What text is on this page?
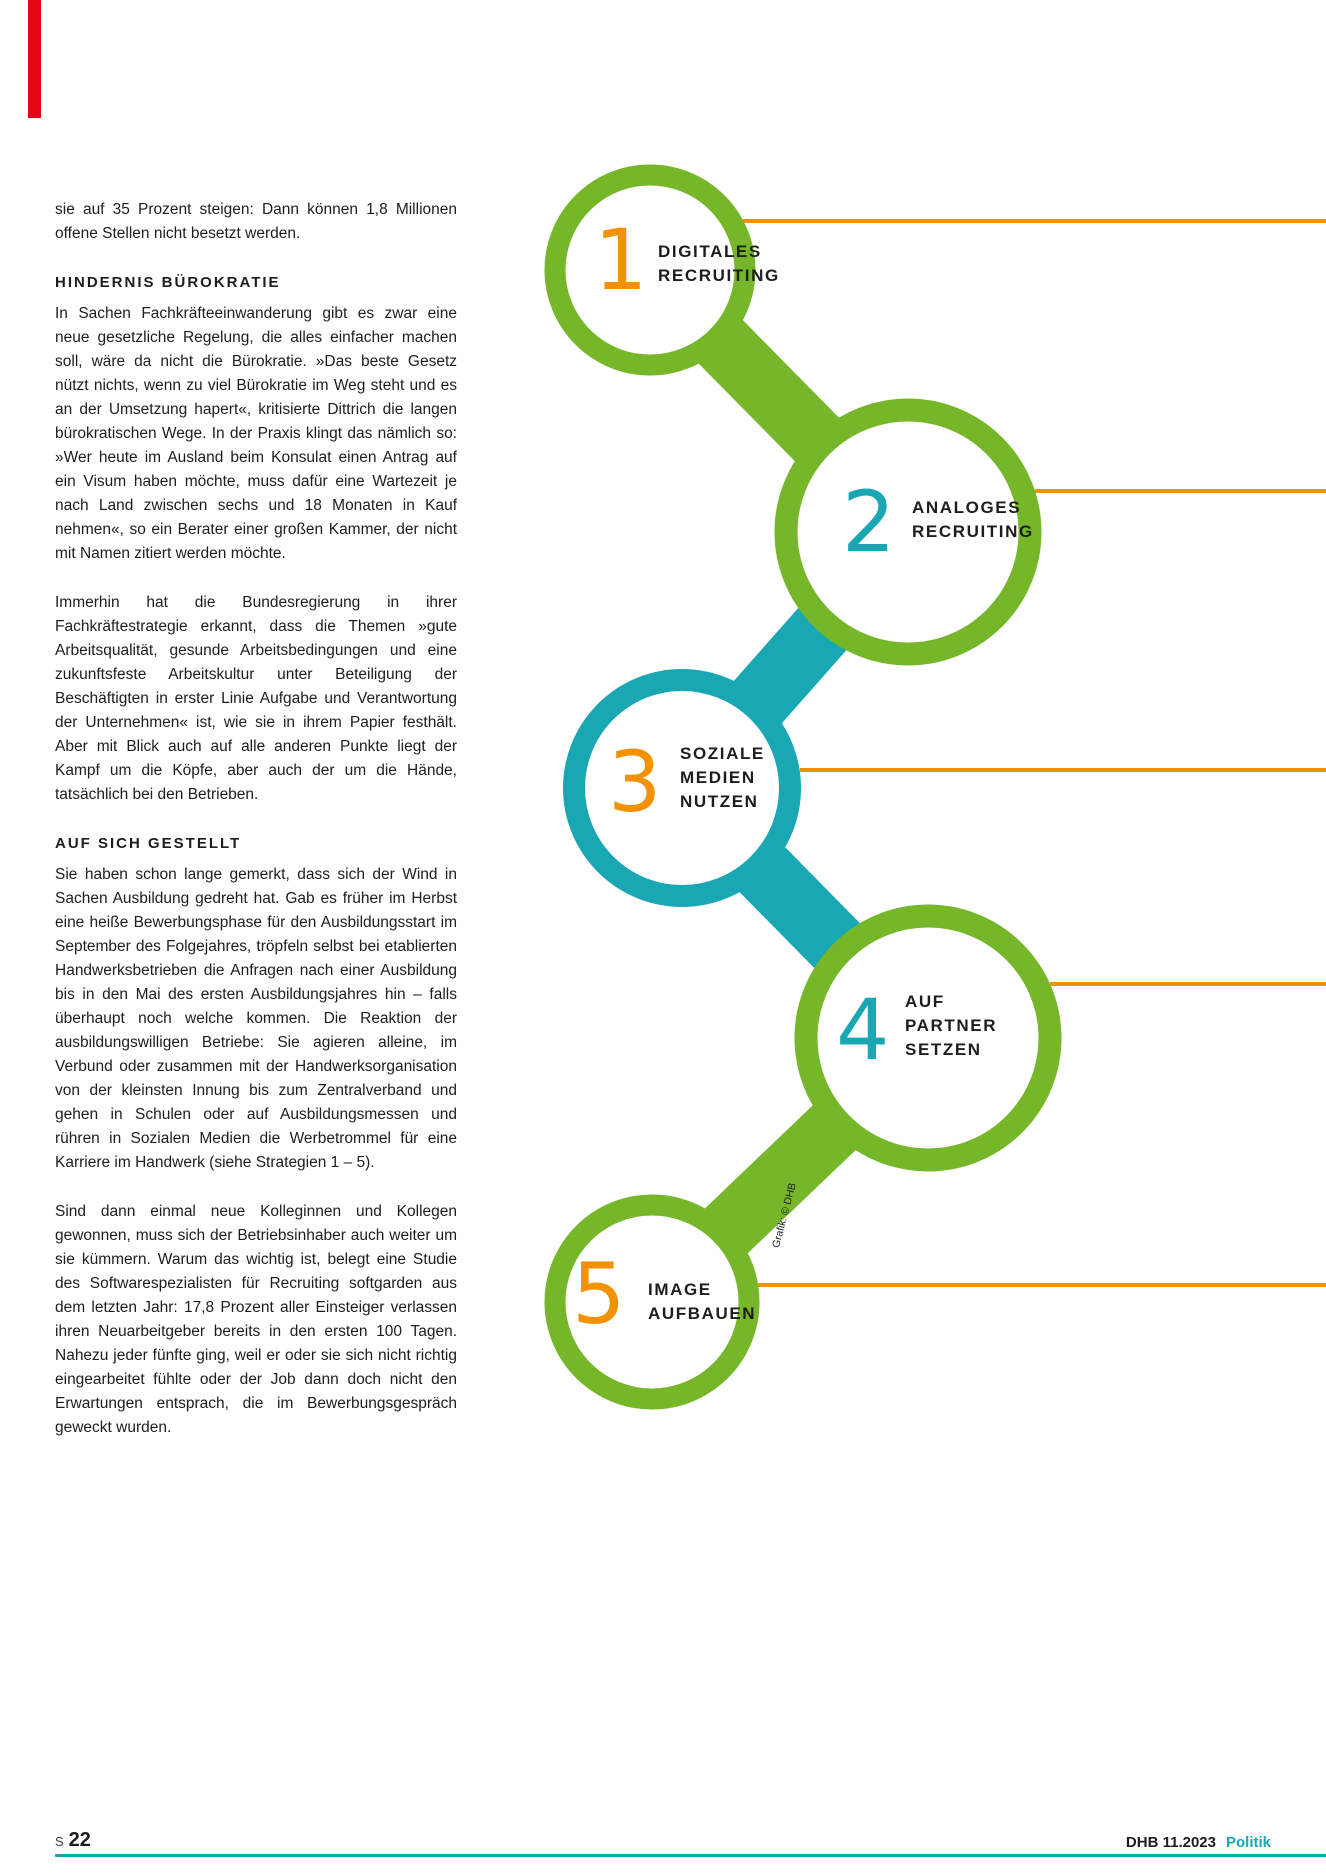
sie auf 35 Prozent steigen: Dann können 1,8 Millionen offene Stellen nicht besetzt werden.

HINDERNIS BÜROKRATIE

In Sachen Fachkräfteeinwanderung gibt es zwar eine neue gesetzliche Regelung, die alles einfacher machen soll, wäre da nicht die Bürokratie. »Das beste Gesetz nützt nichts, wenn zu viel Bürokratie im Weg steht und es an der Umsetzung hapert«, kritisierte Dittrich die langen bürokratischen Wege. In der Praxis klingt das nämlich so: »Wer heute im Ausland beim Konsulat einen Antrag auf ein Visum haben möchte, muss dafür eine Wartezeit je nach Land zwischen sechs und 18 Monaten in Kauf nehmen«, so ein Berater einer großen Kammer, der nicht mit Namen zitiert werden möchte.

Immerhin hat die Bundesregierung in ihrer Fachkräftestrategie erkannt, dass die Themen »gute Arbeitsqualität, gesunde Arbeitsbedingungen und eine zukunftsfeste Arbeitskultur unter Beteiligung der Beschäftigten in erster Linie Aufgabe und Verantwortung der Unternehmen« ist, wie sie in ihrem Papier festhält. Aber mit Blick auch auf alle anderen Punkte liegt der Kampf um die Köpfe, aber auch der um die Hände, tatsächlich bei den Betrieben.

AUF SICH GESTELLT

Sie haben schon lange gemerkt, dass sich der Wind in Sachen Ausbildung gedreht hat. Gab es früher im Herbst eine heiße Bewerbungsphase für den Ausbildungsstart im September des Folgejahres, tröpfeln selbst bei etablierten Handwerksbetrieben die Anfragen nach einer Ausbildung bis in den Mai des ersten Ausbildungsjahres hin – falls überhaupt noch welche kommen. Die Reaktion der ausbildungswilligen Betriebe: Sie agieren alleine, im Verbund oder zusammen mit der Handwerksorganisation von der kleinsten Innung bis zum Zentralverband und gehen in Schulen oder auf Ausbildungsmessen und rühren in Sozialen Medien die Werbetrommel für eine Karriere im Handwerk (siehe Strategien 1 – 5).

Sind dann einmal neue Kolleginnen und Kollegen gewonnen, muss sich der Betriebsinhaber auch weiter um sie kümmern. Warum das wichtig ist, belegt eine Studie des Softwarespezialisten für Recruiting softgarden aus dem letzten Jahr: 17,8 Prozent aller Einsteiger verlassen ihren Neuarbeitgeber bereits in den ersten 100 Tagen. Nahezu jeder fünfte ging, weil er oder sie sich nicht richtig eingearbeitet fühlte oder der Job dann doch nicht den Erwartungen entsprach, die im Bewerbungsgespräch geweckt wurden.

1
2
3
4
5
DIGITALES
RECRUITING
ANALOGES
RECRUITING
SOZIALE
MEDIEN
NUTZEN
AUF
PARTNER
SETZEN
IMAGE
AUFBAUEN
Grafik: © DHB
S 22	DHB 11.2023 Politik
